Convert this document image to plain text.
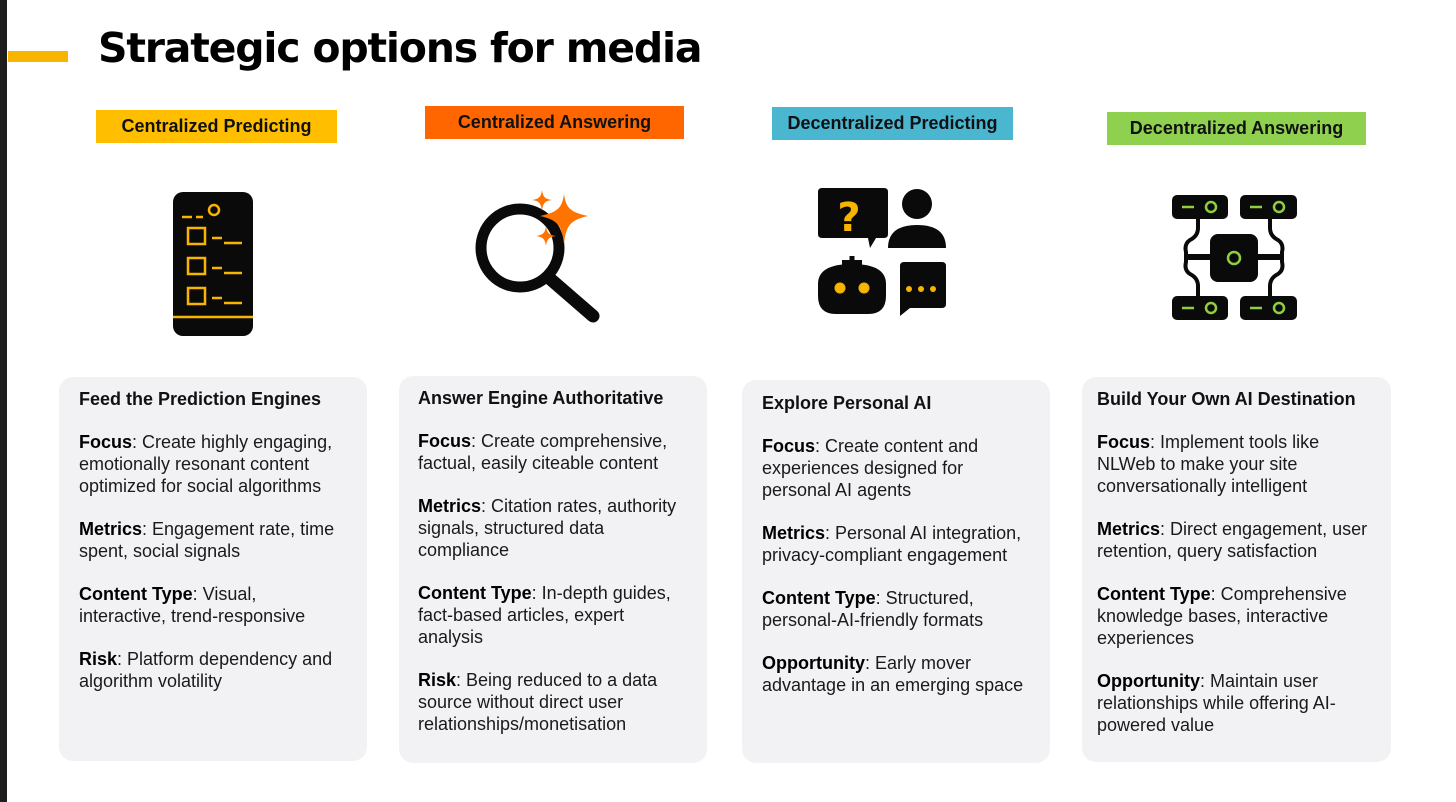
Strategic options for media
Centralized Predicting	Centralized Answering	Decentralized Predicting	Decentralized Answering
?
Feed the Prediction Engines

Focus: Create highly engaging, emotionally resonant content optimized for social algorithms

Metrics: Engagement rate, time spent, social signals

Content Type: Visual, interactive, trend-responsive

Risk: Platform dependency and algorithm volatility

Answer Engine Authoritative

Focus: Create comprehensive, factual, easily citeable content

Metrics: Citation rates, authority signals, structured data compliance

Content Type: In-depth guides, fact-based articles, expert analysis

Risk: Being reduced to a data source without direct user relationships/monetisation

Explore Personal AI

Focus: Create content and experiences designed for personal AI agents

Metrics: Personal AI integration, privacy-compliant engagement

Content Type: Structured, personal-AI-friendly formats

Opportunity: Early mover advantage in an emerging space

Build Your Own AI Destination

Focus: Implement tools like NLWeb to make your site conversationally intelligent

Metrics: Direct engagement, user retention, query satisfaction

Content Type: Comprehensive knowledge bases, interactive experiences

Opportunity: Maintain user relationships while offering AI-powered value
